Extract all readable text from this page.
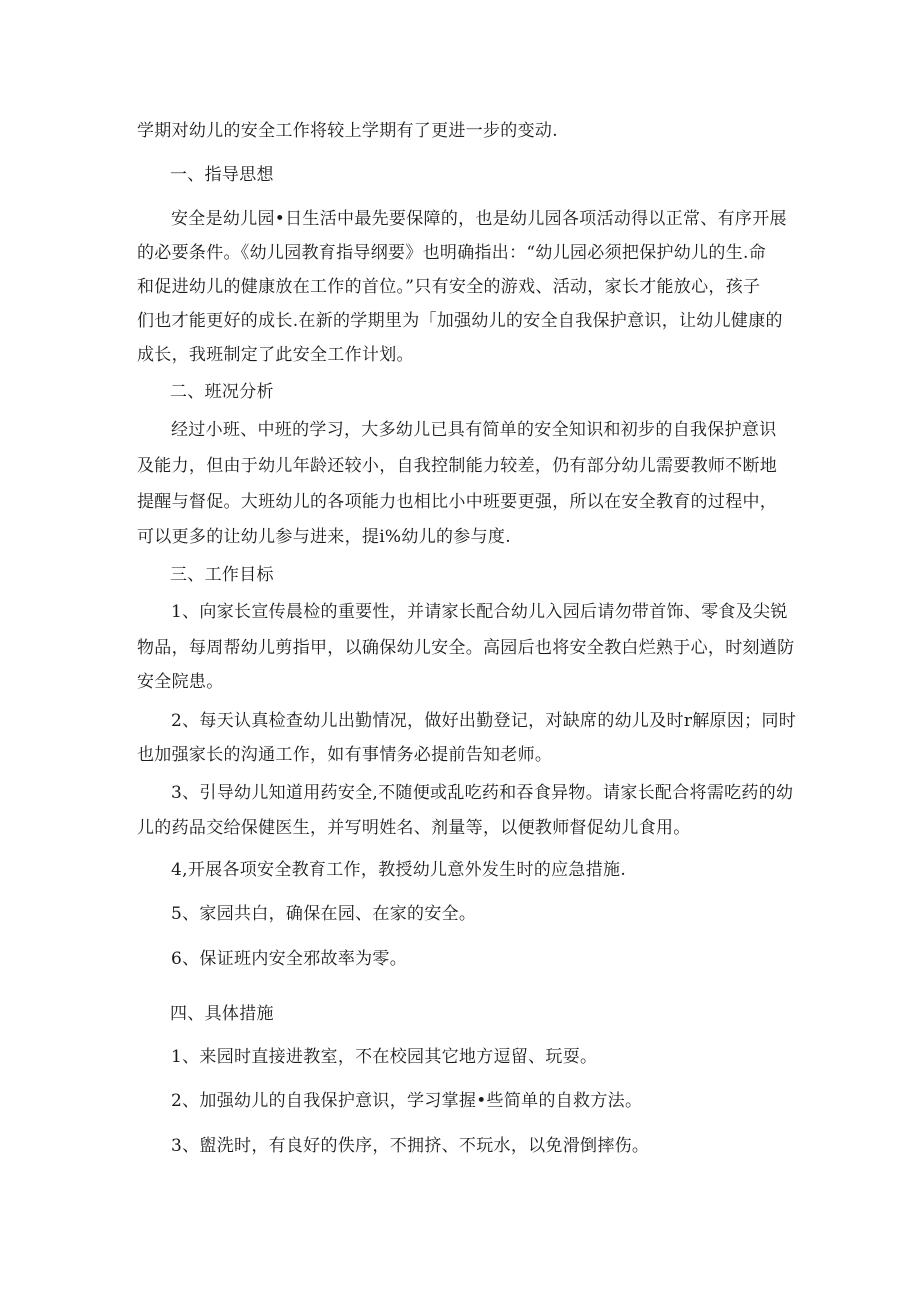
学期对幼儿的安全工作将较上学期有了更进一步的变动.
一、指导思想
安全是幼儿园•日生活中最先要保障的，也是幼儿园各项活动得以正常、有序开展
的必要条件。《幼儿园教育指导纲要》也明确指出：“幼儿园必须把保护幼儿的生.命
和促进幼儿的健康放在工作的首位。”只有安全的游戏、活动，家长才能放心，孩子
们也才能更好的成长.在新的学期里为「加强幼儿的安全自我保护意识，让幼儿健康的
成长，我班制定了此安全工作计划。
二、班况分析
经过小班、中班的学习，大多幼儿已具有简单的安全知识和初步的自我保护意识
及能力，但由于幼儿年龄还较小，自我控制能力较差，仍有部分幼儿需要教师不断地
提醒与督促。大班幼儿的各项能力也相比小中班要更强，所以在安全教育的过程中，
可以更多的让幼儿参与进来，提i%幼儿的参与度.
三、工作目标
1、向家长宣传晨检的重要性，并请家长配合幼儿入园后请勿带首饰、零食及尖锐
物品，每周帮幼儿剪指甲，以确保幼儿安全。高园后也将安全教白烂熟于心，时刻遒防
安全院患。
2、每天认真检查幼儿出勤情况，做好出勤登记，对缺席的幼儿及时r解原因；同时
也加强家长的沟通工作，如有事情务必提前告知老师。
3、引导幼儿知道用药安全,不随便或乱吃药和吞食异物。请家长配合将需吃药的幼
儿的药品交给保健医生，并写明姓名、剂量等，以便教师督促幼儿食用。
4,开展各项安全教育工作，教授幼儿意外发生时的应急措施.
5、家园共白，确保在园、在家的安全。
6、保证班内安全邪故率为零。
四、具体措施
1、来园时直接进教室，不在校园其它地方逗留、玩耍。
2、加强幼儿的自我保护意识，学习掌握•些简单的自救方法。
3、盥洗时，有良好的佚序，不拥挤、不玩水，以免滑倒摔伤。
